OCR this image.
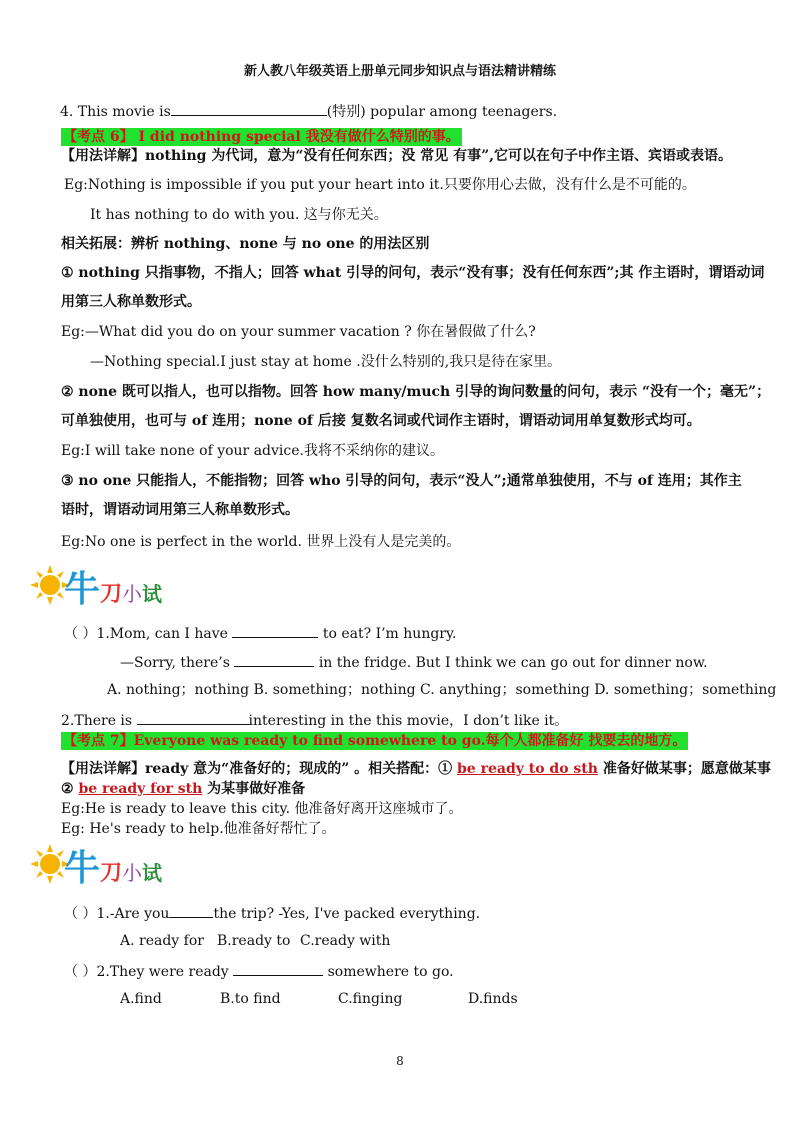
新人教八年级英语上册单元同步知识点与语法精讲精练
4. This movie is	(特别) popular among teenagers.
【考点 6】 I did nothing special 我没有做什么特别的事。
【用法详解】nothing 为代词，意为“没有任何东西；没 常见 有事”,它可以在句子中作主语、宾语或表语。
Eg:Nothing is impossible if you put your heart into it.只要你用心去做，没有什么是不可能的。
It has nothing to do with you. 这与你无关。
相关拓展：辨析 nothing、none 与 no one 的用法区别
① nothing 只指事物，不指人；回答 what 引导的问句，表示“没有事；没有任何东西”;其 作主语时，谓语动词
用第三人称单数形式。
Eg:—What did you do on your summer vacation ? 你在暑假做了什么?
—Nothing special.I just stay at home .没什么特别的,我只是待在家里。
② none 既可以指人，也可以指物。回答 how many/much 引导的询问数量的问句，表示 “没有一个；毫无”；
可单独使用，也可与 of 连用；none of 后接 复数名词或代词作主语时，谓语动词用单复数形式均可。
Eg:I will take none of your advice.我将不采纳你的建议。
③ no one 只能指人，不能指物；回答 who 引导的问句，表示“没人”;通常单独使用，不与 of 连用；其作主
语时，谓语动词用第三人称单数形式。
Eg:No one is perfect in the world. 世界上没有人是完美的。
牛刀小试
（ ）1.Mom, can I have	to eat? I’m hungry.
—Sorry, there’s	in the fridge. But I think we can go out for dinner now.
A. nothing；nothing B. something；nothing C. anything；something D. something；something
2.There is	interesting in the this movie，I don’t like it。
【考点 7】Everyone was ready to find somewhere to go.每个人都准备好 找要去的地方。
【用法详解】ready 意为“准备好的；现成的” 。相关搭配：① be ready to do sth 准备好做某事；愿意做某事
② be ready for sth 为某事做好准备
Eg:He is ready to leave this city. 他准备好离开这座城市了。
Eg: He's ready to help.他准备好帮忙了。
牛刀小试
（ ）1.-Are you	the trip? -Yes, I've packed everything.
A. ready for B.ready to C.ready with
（ ）2.They were ready	somewhere to go.
A.find	B.to find	C.finging	D.finds
8
